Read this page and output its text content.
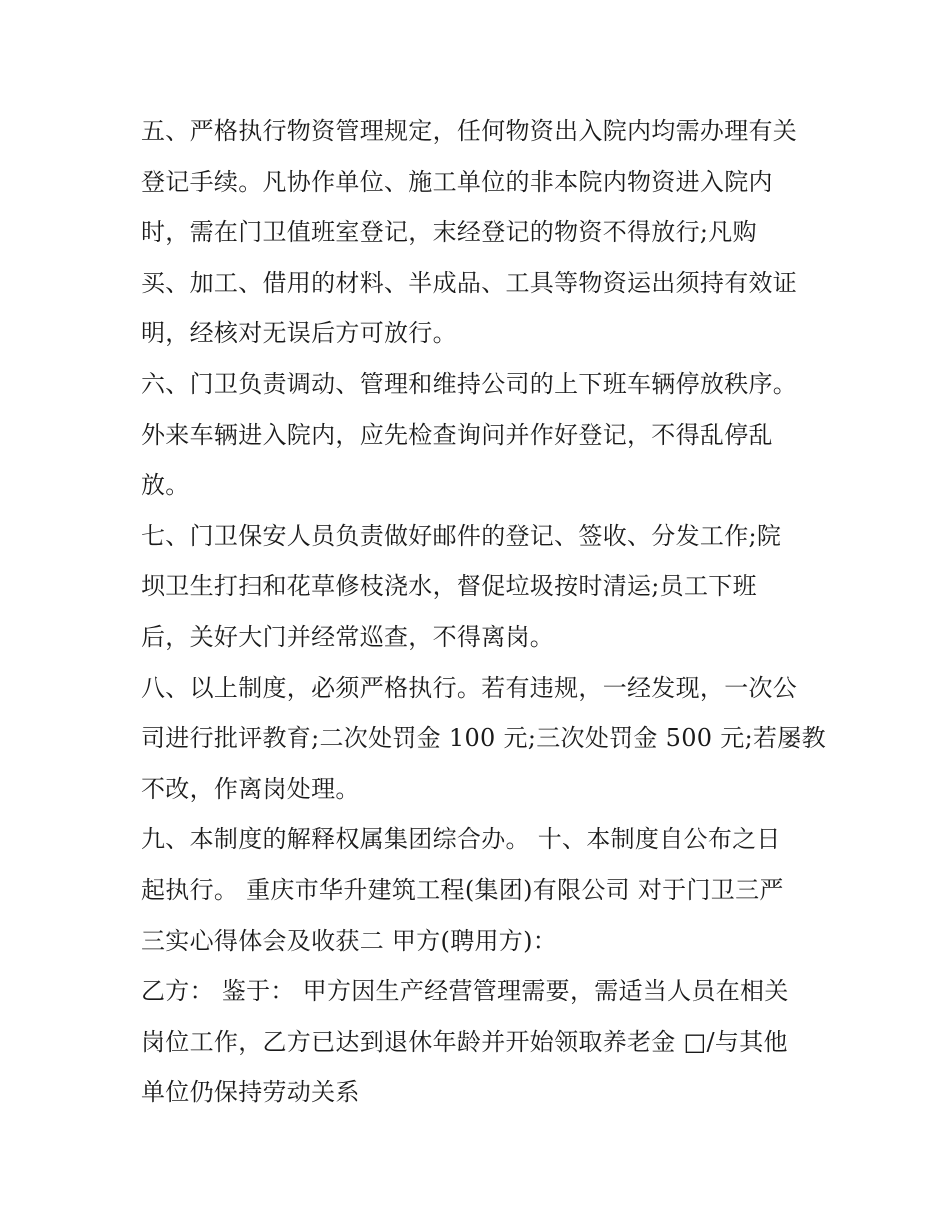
五、严格执行物资管理规定，任何物资出入院内均需办理有关
登记手续。凡协作单位、施工单位的非本院内物资进入院内
时，需在门卫值班室登记，末经登记的物资不得放行;凡购
买、加工、借用的材料、半成品、工具等物资运出须持有效证
明，经核对无误后方可放行。
六、门卫负责调动、管理和维持公司的上下班车辆停放秩序。
外来车辆进入院内，应先检查询问并作好登记，不得乱停乱
放。
七、门卫保安人员负责做好邮件的登记、签收、分发工作;院
坝卫生打扫和花草修枝浇水，督促垃圾按时清运;员工下班
后，关好大门并经常巡查，不得离岗。
八、以上制度，必须严格执行。若有违规，一经发现，一次公
司进行批评教育;二次处罚金 100 元;三次处罚金 500 元;若屡教
不改，作离岗处理。
九、本制度的解释权属集团综合办。 十、本制度自公布之日
起执行。 重庆市华升建筑工程(集团)有限公司 对于门卫三严
三实心得体会及收获二 甲方(聘用方)：
乙方： 鉴于： 甲方因生产经营管理需要，需适当人员在相关
岗位工作，乙方已达到退休年龄并开始领取养老金 □/与其他
单位仍保持劳动关系
